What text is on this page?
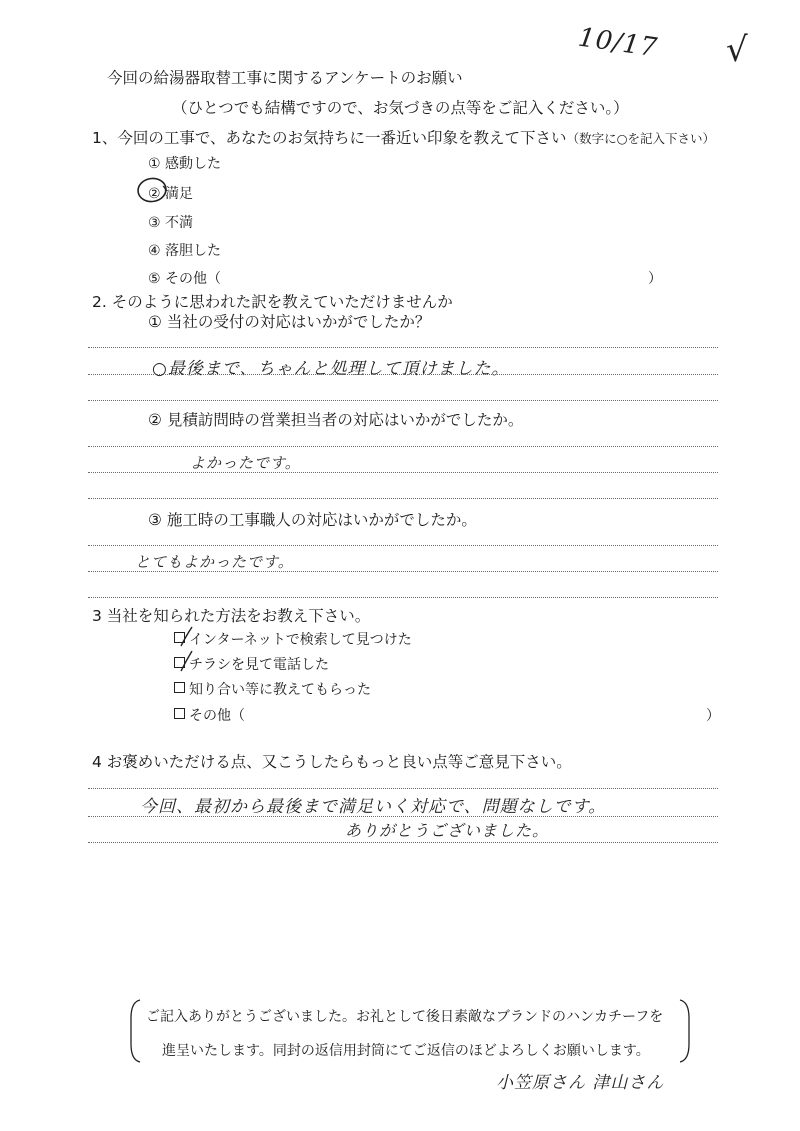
10/17 √
今回の給湯器取替工事に関するアンケートのお願い
（ひとつでも結構ですので、お気づきの点等をご記入ください。）
1、今回の工事で、あなたのお気持ちに一番近い印象を教えて下さい（数字に○を記入下さい）
① 感動した
② 満足
③ 不満
④ 落胆した
⑤ その他（	）
2. そのように思われた訳を教えていただけませんか
① 当社の受付の対応はいかがでしたか？
○最後まで、ちゃんと処理して頂けました。
② 見積訪問時の営業担当者の対応はいかがでしたか。
よかったです。
③ 施工時の工事職人の対応はいかがでしたか。
とてもよかったです。
3 当社を知られた方法をお教え下さい。
インターネットで検索して見つけた
チラシを見て電話した
知り合い等に教えてもらった
その他（	）
4 お褒めいただける点、又こうしたらもっと良い点等ご意見下さい。
今回、最初から最後まで満足いく対応で、問題なしです。
ありがとうございました。
ご記入ありがとうございました。お礼として後日素敵なブランドのハンカチーフを
進呈いたします。同封の返信用封筒にてご返信のほどよろしくお願いします。
小笠原さん 津山さん
